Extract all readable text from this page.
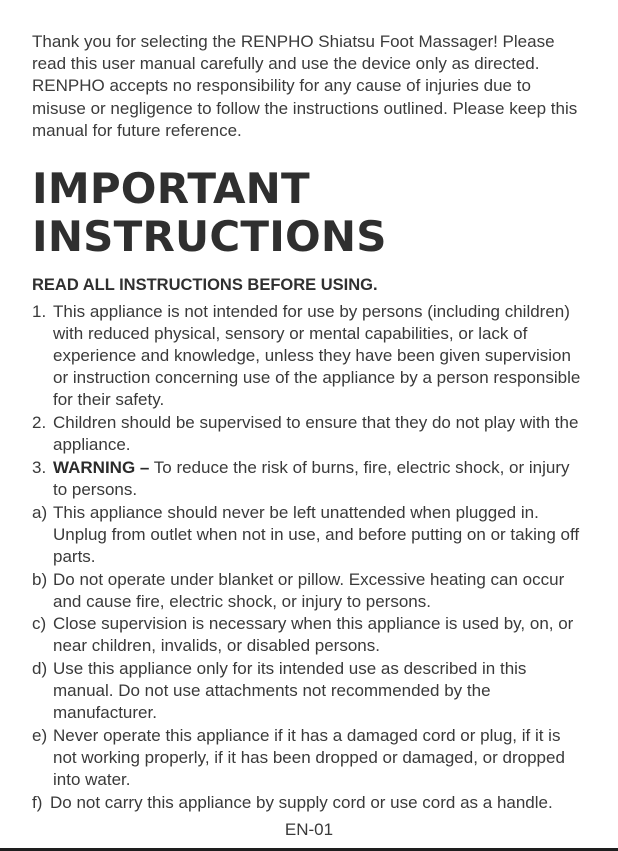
Thank you for selecting the RENPHO Shiatsu Foot Massager! Please read this user manual carefully and use the device only as directed. RENPHO accepts no responsibility for any cause of injuries due to misuse or negligence to follow the instructions outlined. Please keep this manual for future reference.

IMPORTANT
INSTRUCTIONS
READ ALL INSTRUCTIONS BEFORE USING.
1. This appliance is not intended for use by persons (including children) with reduced physical, sensory or mental capabilities, or lack of experience and knowledge, unless they have been given supervision or instruction concerning use of the appliance by a person responsible for their safety.
2. Children should be supervised to ensure that they do not play with the appliance.
3. WARNING – To reduce the risk of burns, fire, electric shock, or injury to persons.
a) This appliance should never be left unattended when plugged in. Unplug from outlet when not in use, and before putting on or taking off parts.
b) Do not operate under blanket or pillow. Excessive heating can occur and cause fire, electric shock, or injury to persons.
c) Close supervision is necessary when this appliance is used by, on, or near children, invalids, or disabled persons.
d) Use this appliance only for its intended use as described in this manual. Do not use attachments not recommended by the manufacturer.
e) Never operate this appliance if it has a damaged cord or plug, if it is not working properly, if it has been dropped or damaged, or dropped into water.
f) Do not carry this appliance by supply cord or use cord as a handle.
EN-01
